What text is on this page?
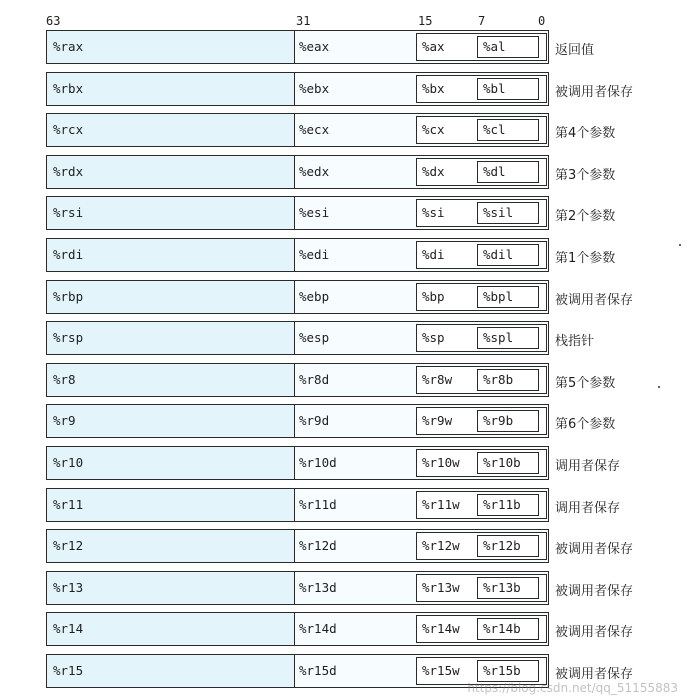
63	31	15	7	0
%rax	%eax	%ax	%al	返回值
%rbx	%ebx	%bx	%bl	被调用者保存
%rcx	%ecx	%cx	%cl	第4个参数
%rdx	%edx	%dx	%dl	第3个参数
%rsi	%esi	%si	%sil	第2个参数
%rdi	%edi	%di	%dil	第1个参数
%rbp	%ebp	%bp	%bpl	被调用者保存
%rsp	%esp	%sp	%spl	栈指针
%r8	%r8d	%r8w %r8b	第5个参数
%r9	%r9d	%r9w %r9b	第6个参数
%r10	%r10d	%r10w %r10b	调用者保存
%r11	%r11d	%r11w %r11b	调用者保存
%r12	%r12d	%r12w %r12b	被调用者保存
%r13	%r13d	%r13w %r13b	被调用者保存
%r14	%r14d	%r14w %r14b	被调用者保存
%r15	%r15d	%r15w %r15b	被调用者保存
https://blog.csdn.net/qq_51155883
